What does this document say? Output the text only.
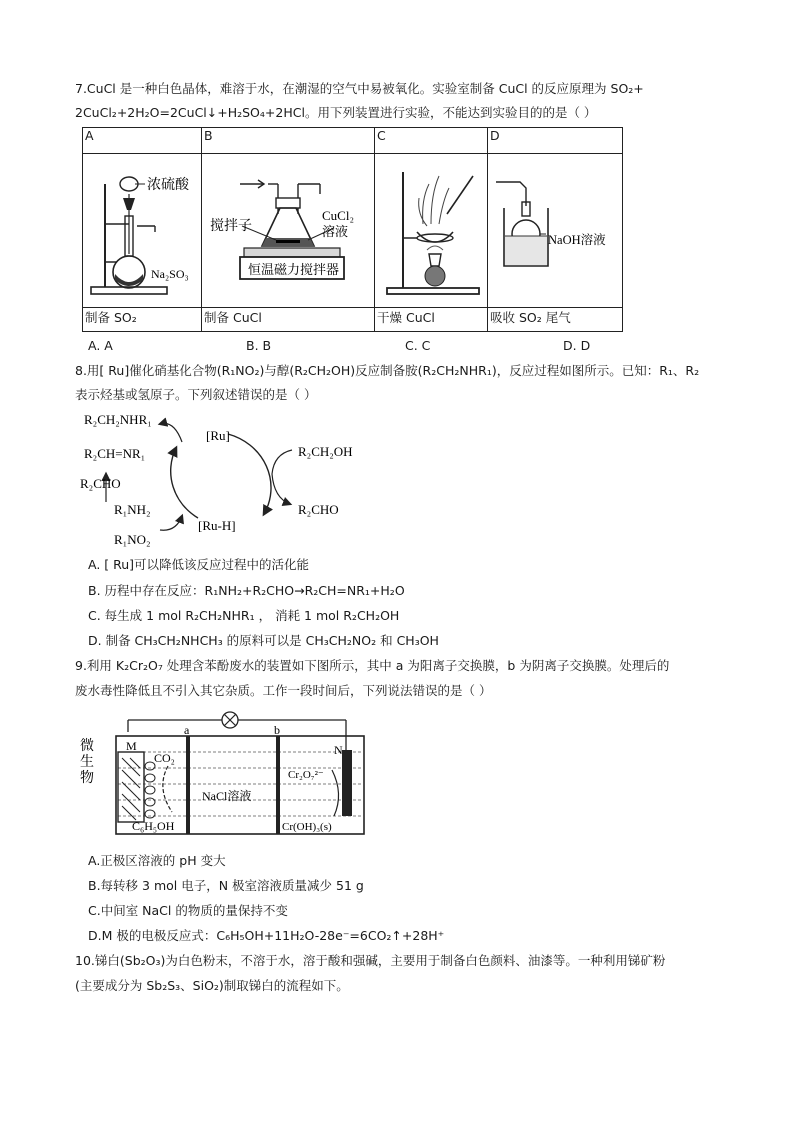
7.CuCl 是一种白色晶体，难溶于水，在潮湿的空气中易被氧化。实验室制备 CuCl 的反应原理为 SO₂+
2CuCl₂+2H₂O=2CuCl↓+H₂SO₄+2HCl。用下列装置进行实验，不能达到实验目的的是（ ）
A	B	C	D

浓硫酸
Na₂SO₃	搅拌子
CuCl₂
溶液
恒温磁力搅拌器		NaOH溶液

制备 SO₂	制备 CuCl	干燥 CuCl	吸收 SO₂ 尾气
A. A	B. B	C. C	D. D
8.用[ Ru]催化硝基化合物(R₁NO₂)与醇(R₂CH₂OH)反应制备胺(R₂CH₂NHR₁)，反应过程如图所示。已知：R₁、R₂
表示烃基或氢原子。下列叙述错误的是（ ）
[Ru]
[Ru-H]
R₂CH₂NHR₁
R₂CH=NR₁
R₂CHO
R₁NH₂
R₁NO₂
R₂CH₂OH
R₂CHO
A. [ Ru]可以降低该反应过程中的活化能
B. 历程中存在反应：R₁NH₂+R₂CHO→R₂CH=NR₁+H₂O
C. 每生成 1 mol R₂CH₂NHR₁ ， 消耗 1 mol R₂CH₂OH
D. 制备 CH₃CH₂NHCH₃ 的原料可以是 CH₃CH₂NO₂ 和 CH₃OH
9.利用 K₂Cr₂O₇ 处理含苯酚废水的装置如下图所示，其中 a 为阳离子交换膜，b 为阴离子交换膜。处理后的
废水毒性降低且不引入其它杂质。工作一段时间后，下列说法错误的是（ ）
微
生
物
M	N
a	b
CO₂
C₆H₅OH
NaCl溶液
Cr₂O₇²⁻
Cr(OH)₃(s)
A.正极区溶液的 pH 变大
B.每转移 3 mol 电子，N 极室溶液质量减少 51 g
C.中间室 NaCl 的物质的量保持不变
D.M 极的电极反应式：C₆H₅OH+11H₂O-28e⁻=6CO₂↑+28H⁺
10.锑白(Sb₂O₃)为白色粉末，不溶于水，溶于酸和强碱，主要用于制备白色颜料、油漆等。一种利用锑矿粉
(主要成分为 Sb₂S₃、SiO₂)制取锑白的流程如下。
